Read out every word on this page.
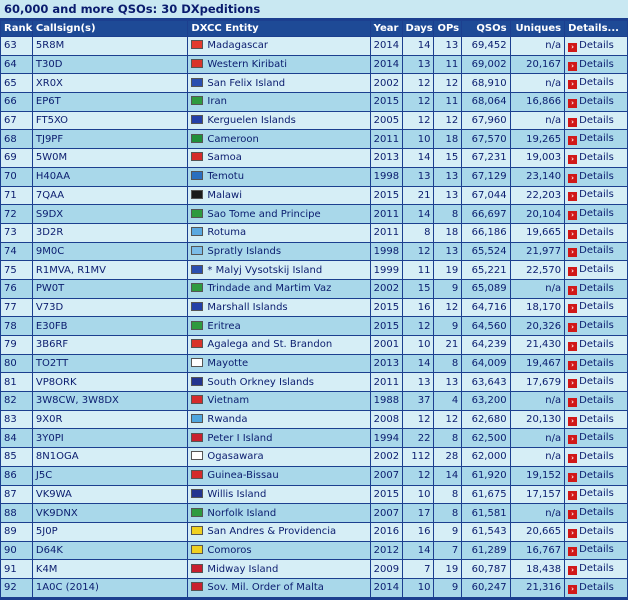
60,000 and more QSOs: 30 DXpeditions
Rank	Callsign(s)	DXCC Entity	Year	Days	OPs	QSOs	Uniques	Details...
63	5R8M	Madagascar	2014	14	13	69,452	n/a	› Details
64	T30D	Western Kiribati	2014	13	11	69,002	20,167	› Details
65	XR0X	San Felix Island	2002	12	12	68,910	n/a	› Details
66	EP6T	Iran	2015	12	11	68,064	16,866	› Details
67	FT5XO	Kerguelen Islands	2005	12	12	67,960	n/a	› Details
68	TJ9PF	Cameroon	2011	10	18	67,570	19,265	› Details
69	5W0M	Samoa	2013	14	15	67,231	19,003	› Details
70	H40AA	Temotu	1998	13	13	67,129	23,140	› Details
71	7QAA	Malawi	2015	21	13	67,044	22,203	› Details
72	S9DX	Sao Tome and Principe	2011	14	8	66,697	20,104	› Details
73	3D2R	Rotuma	2011	8	18	66,186	19,665	› Details
74	9M0C	Spratly Islands	1998	12	13	65,524	21,977	› Details
75	R1MVA, R1MV	* Malyj Vysotskij Island	1999	11	19	65,221	22,570	› Details
76	PW0T	Trindade and Martim Vaz	2002	15	9	65,089	n/a	› Details
77	V73D	Marshall Islands	2015	16	12	64,716	18,170	› Details
78	E30FB	Eritrea	2015	12	9	64,560	20,326	› Details
79	3B6RF	Agalega and St. Brandon	2001	10	21	64,239	21,430	› Details
80	TO2TT	Mayotte	2013	14	8	64,009	19,467	› Details
81	VP8ORK	South Orkney Islands	2011	13	13	63,643	17,679	› Details
82	3W8CW, 3W8DX	Vietnam	1988	37	4	63,200	n/a	› Details
83	9X0R	Rwanda	2008	12	12	62,680	20,130	› Details
84	3Y0PI	Peter I Island	1994	22	8	62,500	n/a	› Details
85	8N1OGA	Ogasawara	2002	112	28	62,000	n/a	› Details
86	J5C	Guinea-Bissau	2007	12	14	61,920	19,152	› Details
87	VK9WA	Willis Island	2015	10	8	61,675	17,157	› Details
88	VK9DNX	Norfolk Island	2007	17	8	61,581	n/a	› Details
89	5J0P	San Andres & Providencia	2016	16	9	61,543	20,665	› Details
90	D64K	Comoros	2012	14	7	61,289	16,767	› Details
91	K4M	Midway Island	2009	7	19	60,787	18,438	› Details
92	1A0C (2014)	Sov. Mil. Order of Malta	2014	10	9	60,247	21,316	› Details
